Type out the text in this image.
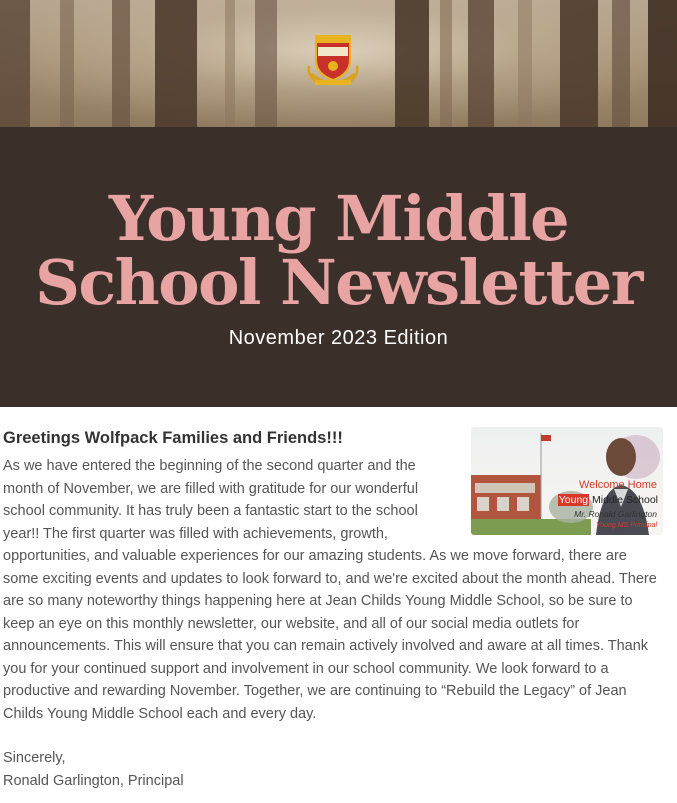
Young Middle
School Newsletter
November 2023 Edition
Welcome Home
Young Middle School
Mr. Ronald Garlington
Young MS Principal
Greetings Wolfpack Families and Friends!!!

As we have entered the beginning of the second quarter and the month of November, we are filled with gratitude for our wonderful school community. It has truly been a fantastic start to the school year!! The first quarter was filled with achievements, growth, opportunities, and valuable experiences for our amazing students. As we move forward, there are some exciting events and updates to look forward to, and we're excited about the month ahead. There are so many noteworthy things happening here at Jean Childs Young Middle School, so be sure to keep an eye on this monthly newsletter, our website, and all of our social media outlets for announcements. This will ensure that you can remain actively involved and aware at all times. Thank you for your continued support and involvement in our school community. We look forward to a productive and rewarding November. Together, we are continuing to “Rebuild the Legacy” of Jean Childs Young Middle School each and every day.

Sincerely,

Ronald Garlington, Principal
